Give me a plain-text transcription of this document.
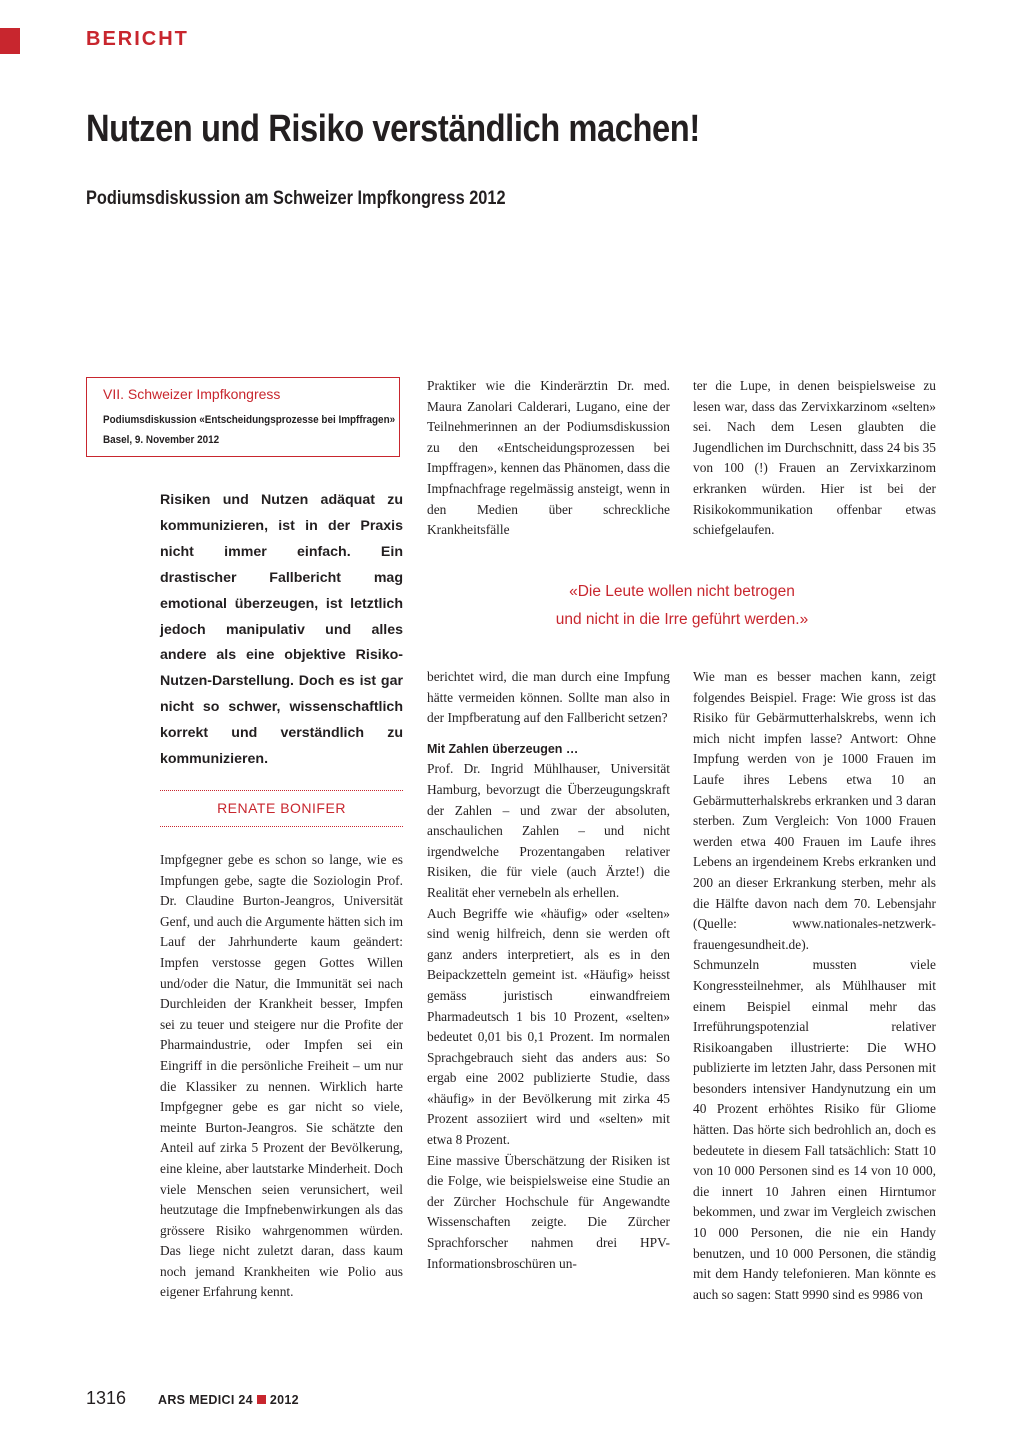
BERICHT
Nutzen und Risiko verständlich machen!
Podiumsdiskussion am Schweizer Impfkongress 2012
VII. Schweizer Impfkongress
Podiumsdiskussion «Entscheidungsprozesse bei Impffragen»
Basel, 9. November 2012
Risiken und Nutzen adäquat zu kommunizieren, ist in der Praxis nicht immer einfach. Ein drastischer Fallbericht mag emotional überzeugen, ist letztlich jedoch manipulativ und alles andere als eine objektive Risiko-Nutzen-Darstellung. Doch es ist gar nicht so schwer, wissenschaftlich korrekt und verständlich zu kommunizieren.
RENATE BONIFER

Impfgegner gebe es schon so lange, wie es Impfungen gebe, sagte die Soziologin Prof. Dr. Claudine Burton-Jeangros, Universität Genf, und auch die Argumente hätten sich im Lauf der Jahrhunderte kaum geändert: Impfen verstosse gegen Gottes Willen und/oder die Natur, die Immunität sei nach Durchleiden der Krankheit besser, Impfen sei zu teuer und steigere nur die Profite der Pharmaindustrie, oder Impfen sei ein Eingriff in die persönliche Freiheit – um nur die Klassiker zu nennen. Wirklich harte Impfgegner gebe es gar nicht so viele, meinte Burton-Jeangros. Sie schätzte den Anteil auf zirka 5 Prozent der Bevölkerung, eine kleine, aber lautstarke Minderheit. Doch viele Menschen seien verunsichert, weil heutzutage die Impfnebenwirkungen als das grössere Risiko wahrgenommen würden. Das liege nicht zuletzt daran, dass kaum noch jemand Krankheiten wie Polio aus eigener Erfahrung kennt.

Praktiker wie die Kinderärztin Dr. med. Maura Zanolari Calderari, Lugano, eine der Teilnehmerinnen an der Podiumsdiskussion zu den «Entscheidungsprozessen bei Impffragen», kennen das Phänomen, dass die Impfnachfrage regelmässig ansteigt, wenn in den Medien über schreckliche Krankheitsfälle

ter die Lupe, in denen beispielsweise zu lesen war, dass das Zervixkarzinom «selten» sei. Nach dem Lesen glaubten die Jugendlichen im Durchschnitt, dass 24 bis 35 von 100 (!) Frauen an Zervixkarzinom erkranken würden. Hier ist bei der Risikokommunikation offenbar etwas schiefgelaufen.

«Die Leute wollen nicht betrogen
und nicht in die Irre geführt werden.»

berichtet wird, die man durch eine Impfung hätte vermeiden können. Sollte man also in der Impfberatung auf den Fallbericht setzen?

Mit Zahlen überzeugen …

Prof. Dr. Ingrid Mühlhauser, Universität Hamburg, bevorzugt die Überzeugungskraft der Zahlen – und zwar der absoluten, anschaulichen Zahlen – und nicht irgendwelche Prozentangaben relativer Risiken, die für viele (auch Ärzte!) die Realität eher vernebeln als erhellen.

Auch Begriffe wie «häufig» oder «selten» sind wenig hilfreich, denn sie werden oft ganz anders interpretiert, als es in den Beipackzetteln gemeint ist. «Häufig» heisst gemäss juristisch einwandfreiem Pharmadeutsch 1 bis 10 Prozent, «selten» bedeutet 0,01 bis 0,1 Prozent. Im normalen Sprachgebrauch sieht das anders aus: So ergab eine 2002 publizierte Studie, dass «häufig» in der Bevölkerung mit zirka 45 Prozent assoziiert wird und «selten» mit etwa 8 Prozent.

Eine massive Überschätzung der Risiken ist die Folge, wie beispielsweise eine Studie an der Zürcher Hochschule für Angewandte Wissenschaften zeigte. Die Zürcher Sprachforscher nahmen drei HPV-Informationsbroschüren un-

Wie man es besser machen kann, zeigt folgendes Beispiel. Frage: Wie gross ist das Risiko für Gebärmutterhalskrebs, wenn ich mich nicht impfen lasse? Antwort: Ohne Impfung werden von je 1000 Frauen im Laufe ihres Lebens etwa 10 an Gebärmutterhalskrebs erkranken und 3 daran sterben. Zum Vergleich: Von 1000 Frauen werden etwa 400 Frauen im Laufe ihres Lebens an irgendeinem Krebs erkranken und 200 an dieser Erkrankung sterben, mehr als die Hälfte davon nach dem 70. Lebensjahr (Quelle: www.nationales-netzwerk-frauengesundheit.de).

Schmunzeln mussten viele Kongressteilnehmer, als Mühlhauser mit einem Beispiel einmal mehr das Irreführungspotenzial relativer Risikoangaben illustrierte: Die WHO publizierte im letzten Jahr, dass Personen mit besonders intensiver Handynutzung ein um 40 Prozent erhöhtes Risiko für Gliome hätten. Das hörte sich bedrohlich an, doch es bedeutete in diesem Fall tatsächlich: Statt 10 von 10 000 Personen sind es 14 von 10 000, die innert 10 Jahren einen Hirntumor bekommen, und zwar im Vergleich zwischen 10 000 Personen, die nie ein Handy benutzen, und 10 000 Personen, die ständig mit dem Handy telefonieren. Man könnte es auch so sagen: Statt 9990 sind es 9986 von

1316	ARS MEDICI 24 2012
